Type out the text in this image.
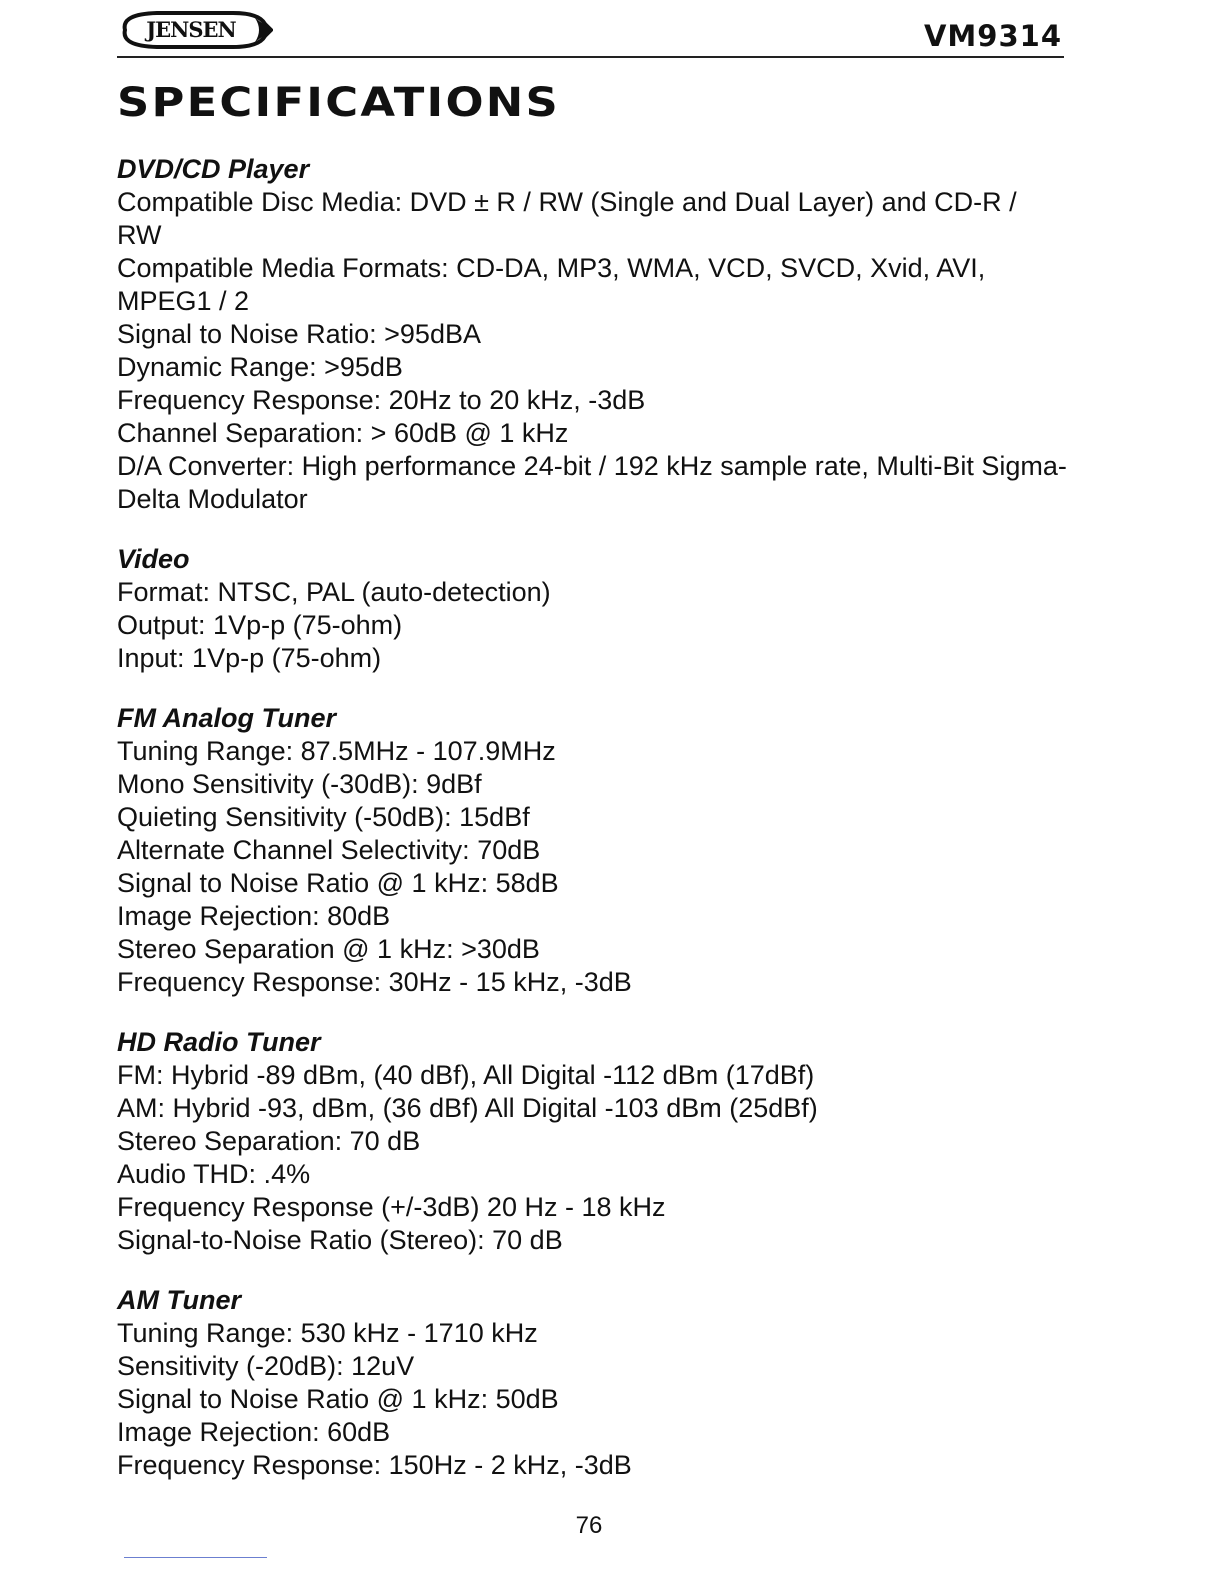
JENSEN	VM9314
SPECIFICATIONS
DVD/CD Player
Compatible Disc Media: DVD ± R / RW (Single and Dual Layer) and CD-R / RW
Compatible Media Formats: CD-DA, MP3, WMA, VCD, SVCD, Xvid, AVI, MPEG1 / 2
Signal to Noise Ratio: >95dBA
Dynamic Range: >95dB
Frequency Response: 20Hz to 20 kHz, -3dB
Channel Separation: > 60dB @ 1 kHz
D/A Converter: High performance 24-bit / 192 kHz sample rate, Multi-Bit Sigma-Delta Modulator
Video
Format: NTSC, PAL (auto-detection)
Output: 1Vp-p (75-ohm)
Input: 1Vp-p (75-ohm)
FM Analog Tuner
Tuning Range: 87.5MHz - 107.9MHz
Mono Sensitivity (-30dB): 9dBf
Quieting Sensitivity (-50dB): 15dBf
Alternate Channel Selectivity: 70dB
Signal to Noise Ratio @ 1 kHz: 58dB
Image Rejection: 80dB
Stereo Separation @ 1 kHz: >30dB
Frequency Response: 30Hz - 15 kHz, -3dB
HD Radio Tuner
FM: Hybrid -89 dBm, (40 dBf), All Digital -112 dBm (17dBf)
AM: Hybrid -93, dBm, (36 dBf) All Digital -103 dBm (25dBf)
Stereo Separation: 70 dB
Audio THD: .4%
Frequency Response (+/-3dB) 20 Hz - 18 kHz
Signal-to-Noise Ratio (Stereo): 70 dB
AM Tuner
Tuning Range: 530 kHz - 1710 kHz
Sensitivity (-20dB): 12uV
Signal to Noise Ratio @ 1 kHz: 50dB
Image Rejection: 60dB
Frequency Response: 150Hz - 2 kHz, -3dB
76
